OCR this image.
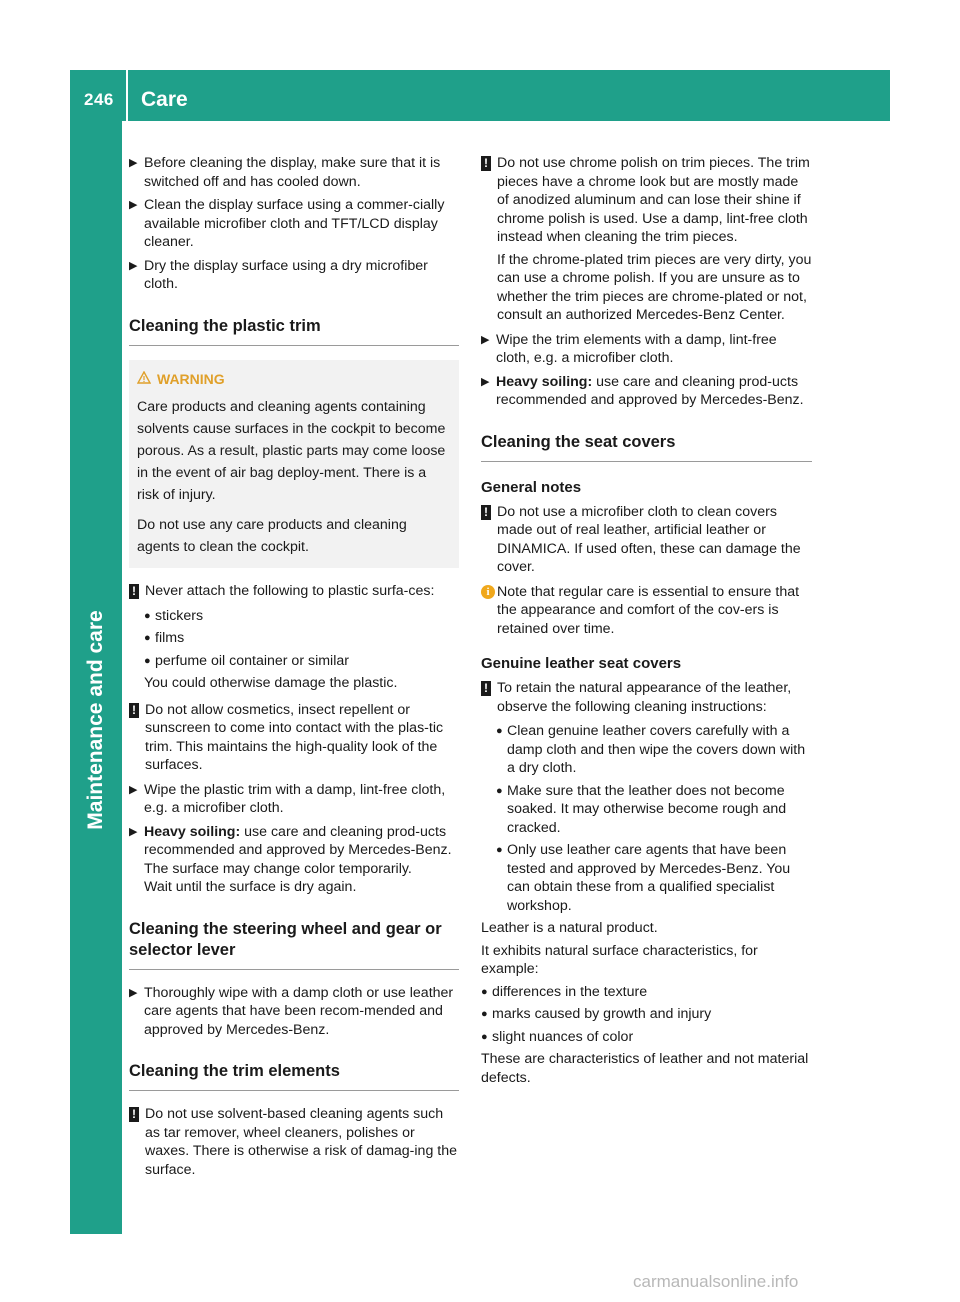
246 Care
Maintenance and care
▶ Before cleaning the display, make sure that it is switched off and has cooled down.
▶ Clean the display surface using a commer-cially available microfiber cloth and TFT/LCD display cleaner.
▶ Dry the display surface using a dry microfiber cloth.
Cleaning the plastic trim
WARNING
Care products and cleaning agents containing solvents cause surfaces in the cockpit to become porous. As a result, plastic parts may come loose in the event of air bag deploy-ment. There is a risk of injury.
Do not use any care products and cleaning agents to clean the cockpit.
! Never attach the following to plastic surfa-ces:
● stickers
● films
● perfume oil container or similar
You could otherwise damage the plastic.
! Do not allow cosmetics, insect repellent or sunscreen to come into contact with the plas-tic trim. This maintains the high-quality look of the surfaces.
▶ Wipe the plastic trim with a damp, lint-free cloth, e.g. a microfiber cloth.
▶ Heavy soiling: use care and cleaning prod-ucts recommended and approved by Mercedes-Benz.
The surface may change color temporarily.
Wait until the surface is dry again.
Cleaning the steering wheel and gear or selector lever
▶ Thoroughly wipe with a damp cloth or use leather care agents that have been recom-mended and approved by Mercedes-Benz.
Cleaning the trim elements
! Do not use solvent-based cleaning agents such as tar remover, wheel cleaners, polishes or waxes. There is otherwise a risk of damag-ing the surface.
! Do not use chrome polish on trim pieces. The trim pieces have a chrome look but are mostly made of anodized aluminum and can lose their shine if chrome polish is used. Use a damp, lint-free cloth instead when cleaning the trim pieces.
If the chrome-plated trim pieces are very dirty, you can use a chrome polish. If you are unsure as to whether the trim pieces are chrome-plated or not, consult an authorized Mercedes-Benz Center.
▶ Wipe the trim elements with a damp, lint-free cloth, e.g. a microfiber cloth.
▶ Heavy soiling: use care and cleaning prod-ucts recommended and approved by Mercedes-Benz.
Cleaning the seat covers
General notes
! Do not use a microfiber cloth to clean covers made out of real leather, artificial leather or DINAMICA. If used often, these can damage the cover.
i Note that regular care is essential to ensure that the appearance and comfort of the cov-ers is retained over time.
Genuine leather seat covers
! To retain the natural appearance of the leather, observe the following cleaning instructions:
● Clean genuine leather covers carefully with a damp cloth and then wipe the covers down with a dry cloth.
● Make sure that the leather does not become soaked. It may otherwise become rough and cracked.
● Only use leather care agents that have been tested and approved by Mercedes-Benz. You can obtain these from a qualified specialist workshop.
Leather is a natural product.
It exhibits natural surface characteristics, for example:
● differences in the texture
● marks caused by growth and injury
● slight nuances of color
These are characteristics of leather and not material defects.
carmanualsonline.info
